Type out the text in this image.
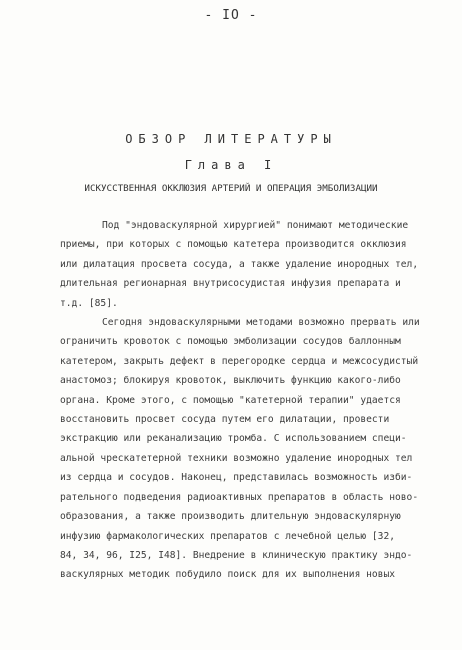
- IO -
ОБЗОР ЛИТЕРАТУРЫ
Глава I
ИСКУССТВЕННАЯ ОККЛЮЗИЯ АРТЕРИЙ И ОПЕРАЦИЯ ЭМБОЛИЗАЦИИ
Под "эндоваскулярной хирургией" понимают методические
приемы, при которых с помощью катетера производится окклюзия
или дилатация просвета сосуда, а также удаление инородных тел,
длительная регионарная внутрисосудистая инфузия препарата и
т.д. [85].
Сегодня эндоваскулярными методами возможно прервать или
ограничить кровоток с помощью эмболизации сосудов баллонным
катетером, закрыть дефект в перегородке сердца и межсосудистый
анастомоз; блокируя кровоток, выключить функцию какого-либо
органа. Кроме этого, с помощью "катетерной терапии" удается
восстановить просвет сосуда путем его дилатации, провести
экстракцию или реканализацию тромба. С использованием специ-
альной чрескатетерной техники возможно удаление инородных тел
из сердца и сосудов. Наконец, представилась возможность изби-
рательного подведения радиоактивных препаратов в область ново-
образования, а также производить длительную эндоваскулярную
инфузию фармакологических препаратов с лечебной целью [32,
84, 34, 96, I25, I48]. Внедрение в клиническую практику эндо-
васкулярных методик побудило поиск для их выполнения новых
